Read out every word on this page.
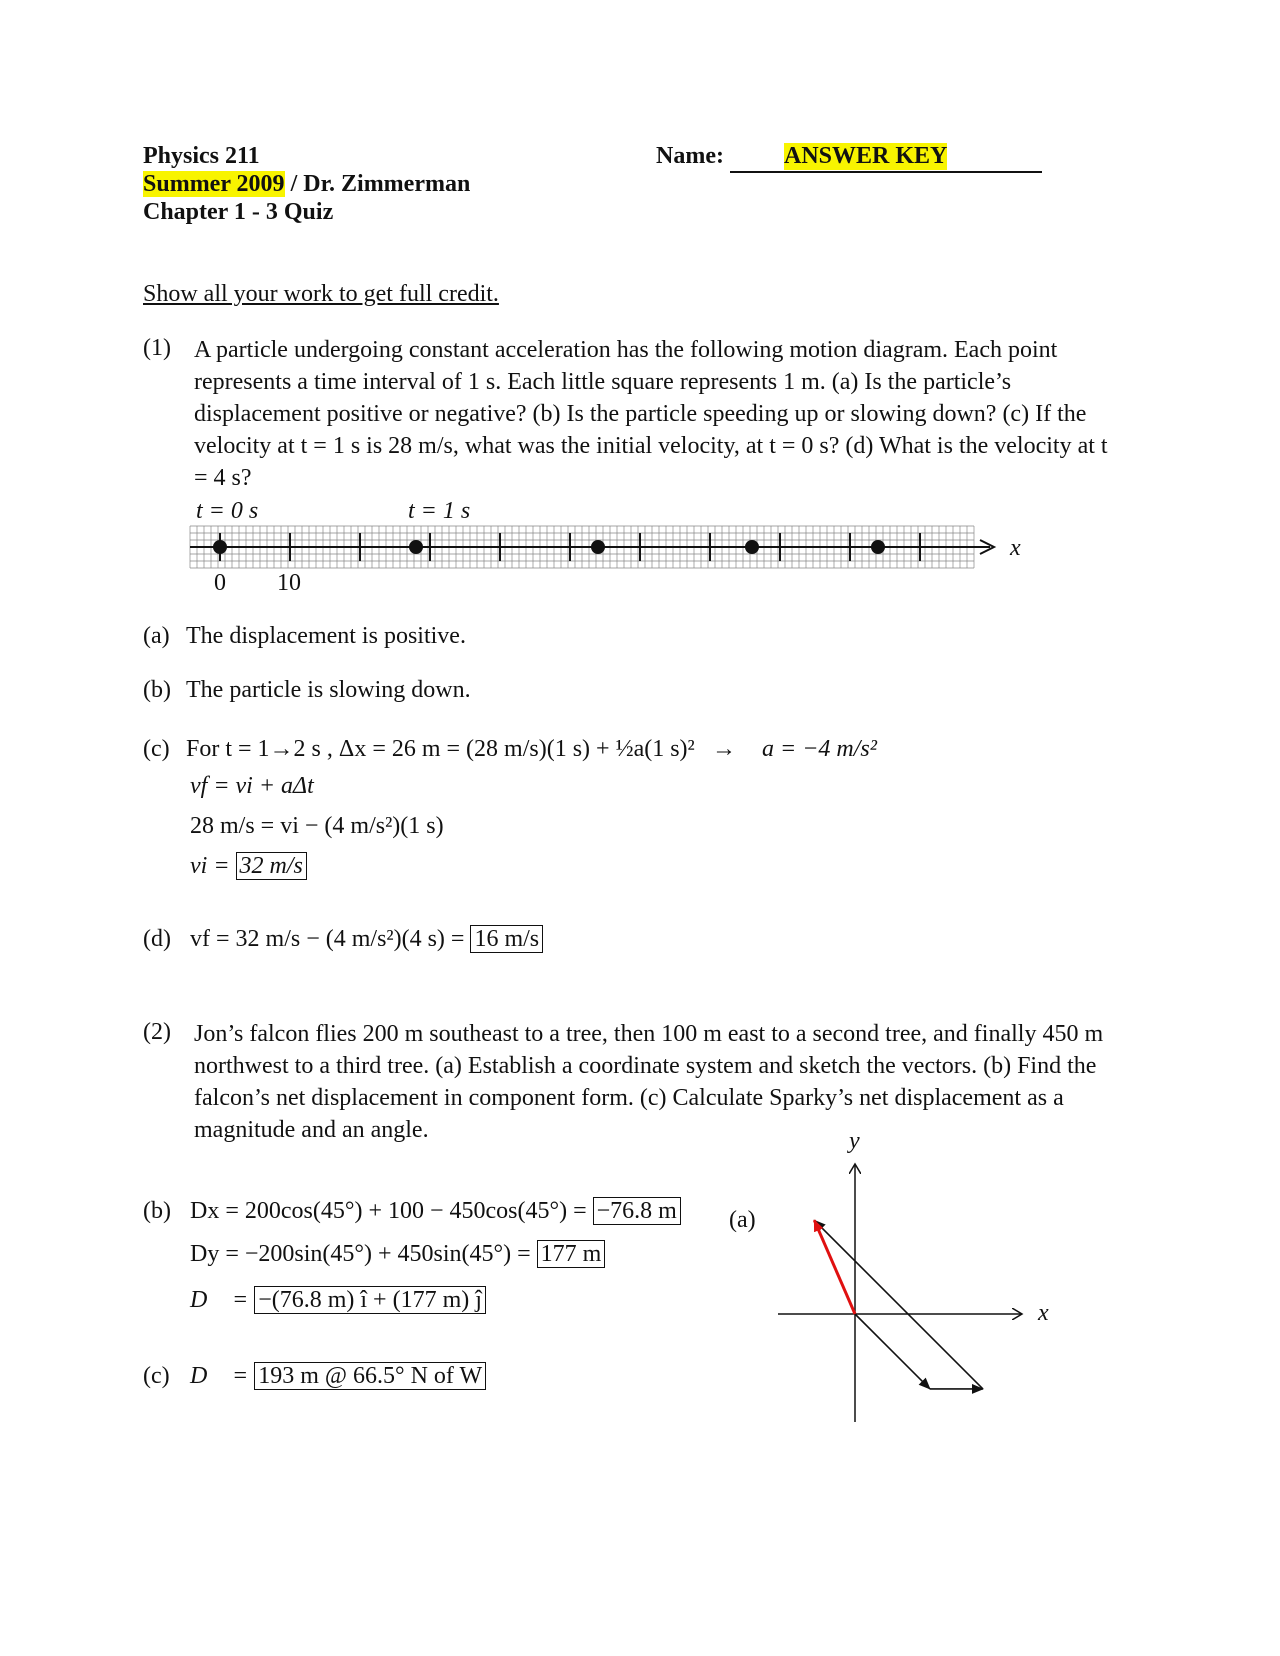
Physics 211
Summer 2009 / Dr. Zimmerman
Chapter 1 - 3 Quiz
Name:	ANSWER KEY
Show all your work to get full credit.
(1) A particle undergoing constant acceleration has the following motion diagram. Each point represents a time interval of 1 s. Each little square represents 1 m. (a) Is the particle’s displacement positive or negative? (b) Is the particle speeding up or slowing down? (c) If the velocity at t = 1 s is 28 m/s, what was the initial velocity, at t = 0 s? (d) What is the velocity at t = 4 s?
t = 0 s	t = 1 s
x
0 10
(a) The displacement is positive.
(b) The particle is slowing down.
(c) For t = 1→2 s , Δx = 26 m = (28 m/s)(1 s) + ½a(1 s)² → a = −4 m/s²
vf = vi + aΔt
28 m/s = vi − (4 m/s²)(1 s)
vi = 32 m/s
(d) vf = 32 m/s − (4 m/s²)(4 s) = 16 m/s
(2) Jon’s falcon flies 200 m southeast to a tree, then 100 m east to a second tree, and finally 450 m northwest to a third tree. (a) Establish a coordinate system and sketch the vectors. (b) Find the falcon’s net displacement in component form. (c) Calculate Sparky’s net displacement as a magnitude and an angle.
(b) Dx = 200cos(45°) + 100 − 450cos(45°) = −76.8 m
Dy = −200sin(45°) + 450sin(45°) = 177 m
D⃗ = −(76.8 m) î + (177 m) ĵ
(c) D⃗ = 193 m @ 66.5° N of W
(a)
x
y
